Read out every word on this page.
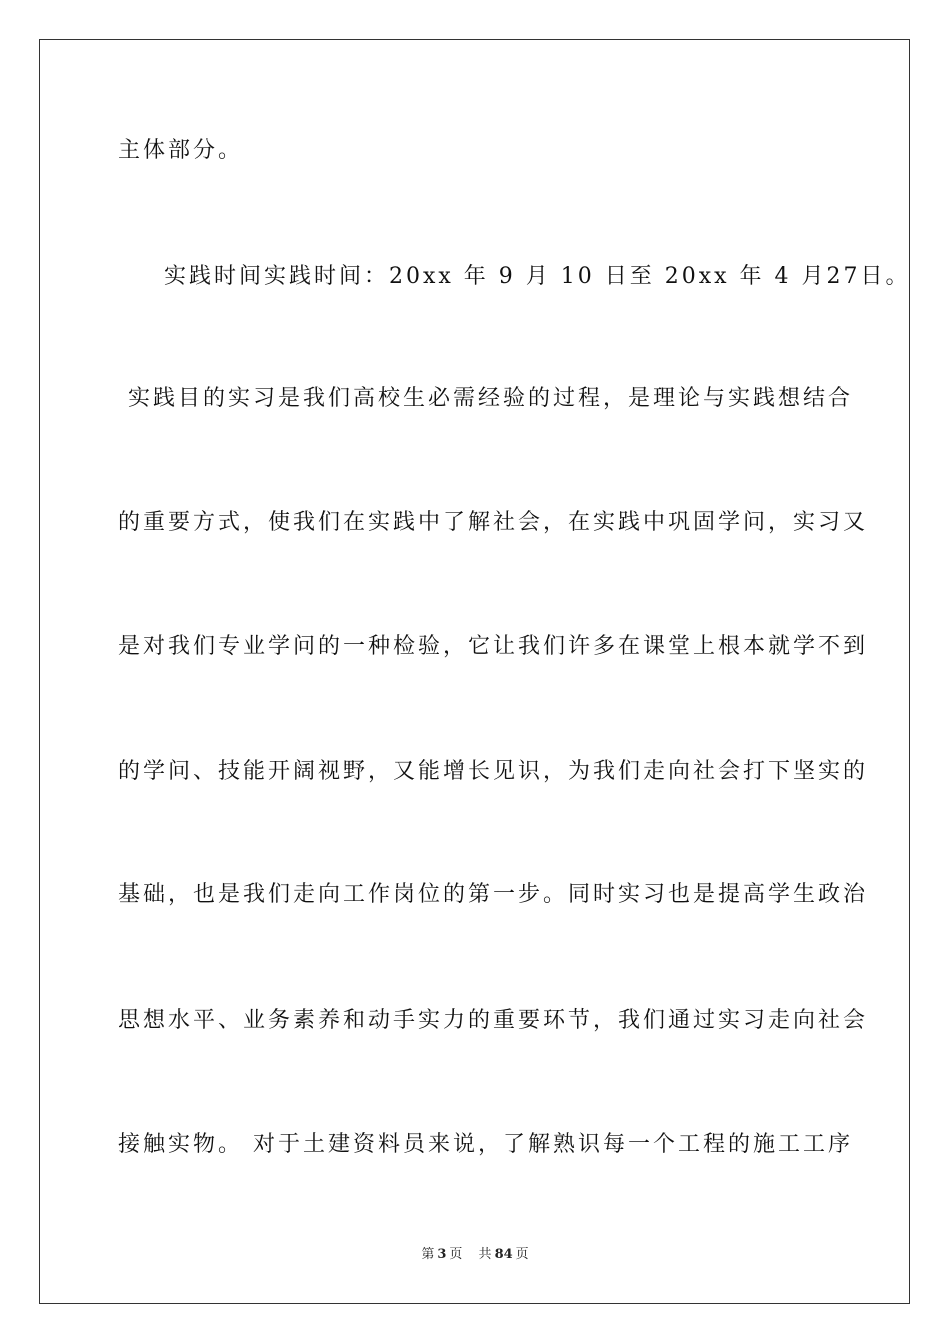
主体部分。
实践时间实践时间：20xx 年 9 月 10 日至 20xx 年 4 月27日。
实践目的实习是我们高校生必需经验的过程，是理论与实践想结合
的重要方式，使我们在实践中了解社会，在实践中巩固学问，实习又
是对我们专业学问的一种检验，它让我们许多在课堂上根本就学不到
的学问、技能开阔视野，又能增长见识，为我们走向社会打下坚实的
基础，也是我们走向工作岗位的第一步。同时实习也是提高学生政治
思想水平、业务素养和动手实力的重要环节，我们通过实习走向社会
接触实物。 对于土建资料员来说，了解熟识每一个工程的施工工序
第 3 页 共 84 页
